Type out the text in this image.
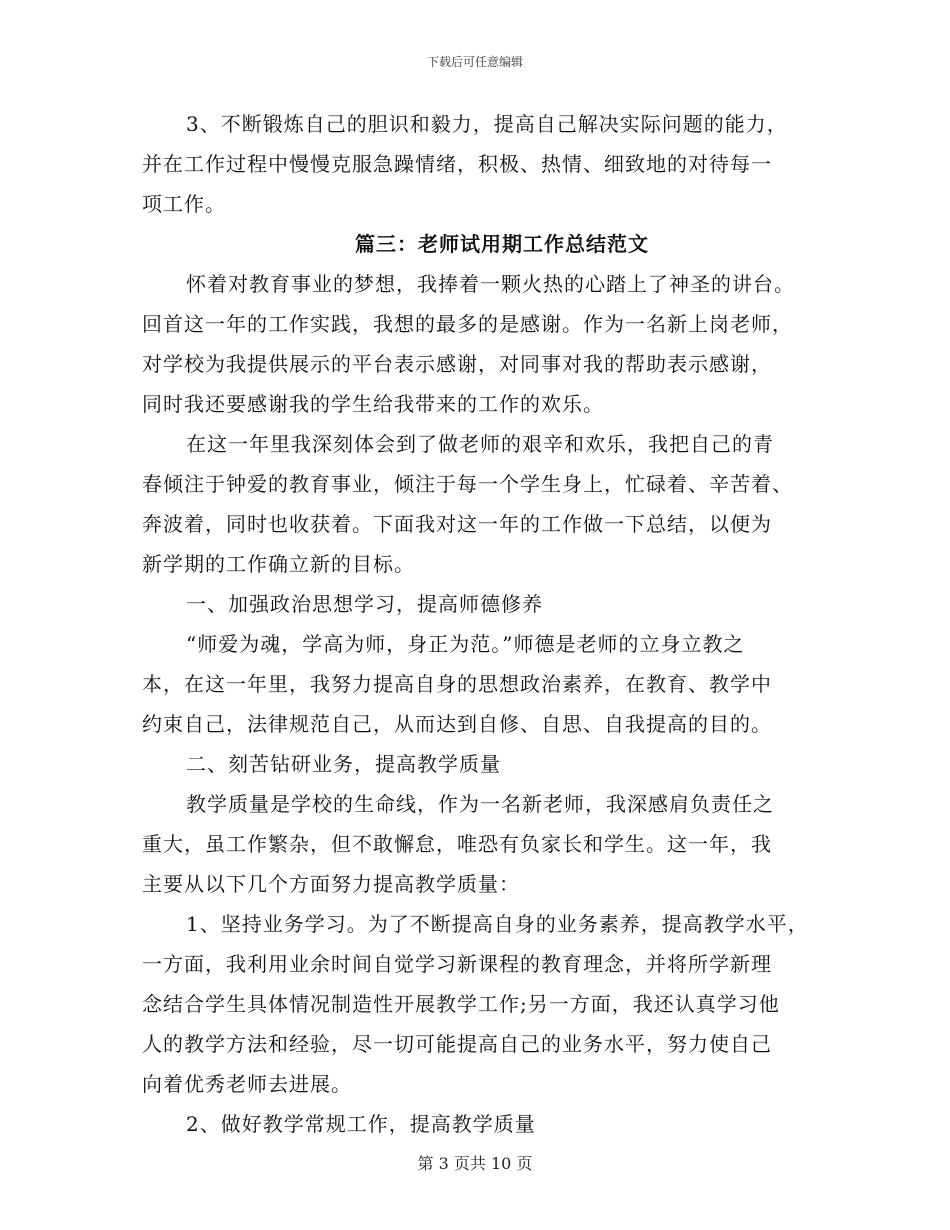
下载后可任意编辑
3、不断锻炼自己的胆识和毅力，提高自己解决实际问题的能力，
并在工作过程中慢慢克服急躁情绪，积极、热情、细致地的对待每一
项工作。
篇三：老师试用期工作总结范文
怀着对教育事业的梦想，我捧着一颗火热的心踏上了神圣的讲台。
回首这一年的工作实践，我想的最多的是感谢。作为一名新上岗老师，
对学校为我提供展示的平台表示感谢，对同事对我的帮助表示感谢，
同时我还要感谢我的学生给我带来的工作的欢乐。
在这一年里我深刻体会到了做老师的艰辛和欢乐，我把自己的青
春倾注于钟爱的教育事业，倾注于每一个学生身上，忙碌着、辛苦着、
奔波着，同时也收获着。下面我对这一年的工作做一下总结，以便为
新学期的工作确立新的目标。
一、加强政治思想学习，提高师德修养
“师爱为魂，学高为师，身正为范。”师德是老师的立身立教之
本，在这一年里，我努力提高自身的思想政治素养，在教育、教学中
约束自己，法律规范自己，从而达到自修、自思、自我提高的目的。
二、刻苦钻研业务，提高教学质量
教学质量是学校的生命线，作为一名新老师，我深感肩负责任之
重大，虽工作繁杂，但不敢懈怠，唯恐有负家长和学生。这一年，我
主要从以下几个方面努力提高教学质量：
1、坚持业务学习。为了不断提高自身的业务素养，提高教学水平，
一方面，我利用业余时间自觉学习新课程的教育理念，并将所学新理
念结合学生具体情况制造性开展教学工作;另一方面，我还认真学习他
人的教学方法和经验，尽一切可能提高自己的业务水平，努力使自己
向着优秀老师去进展。
2、做好教学常规工作，提高教学质量
第 3 页共 10 页
